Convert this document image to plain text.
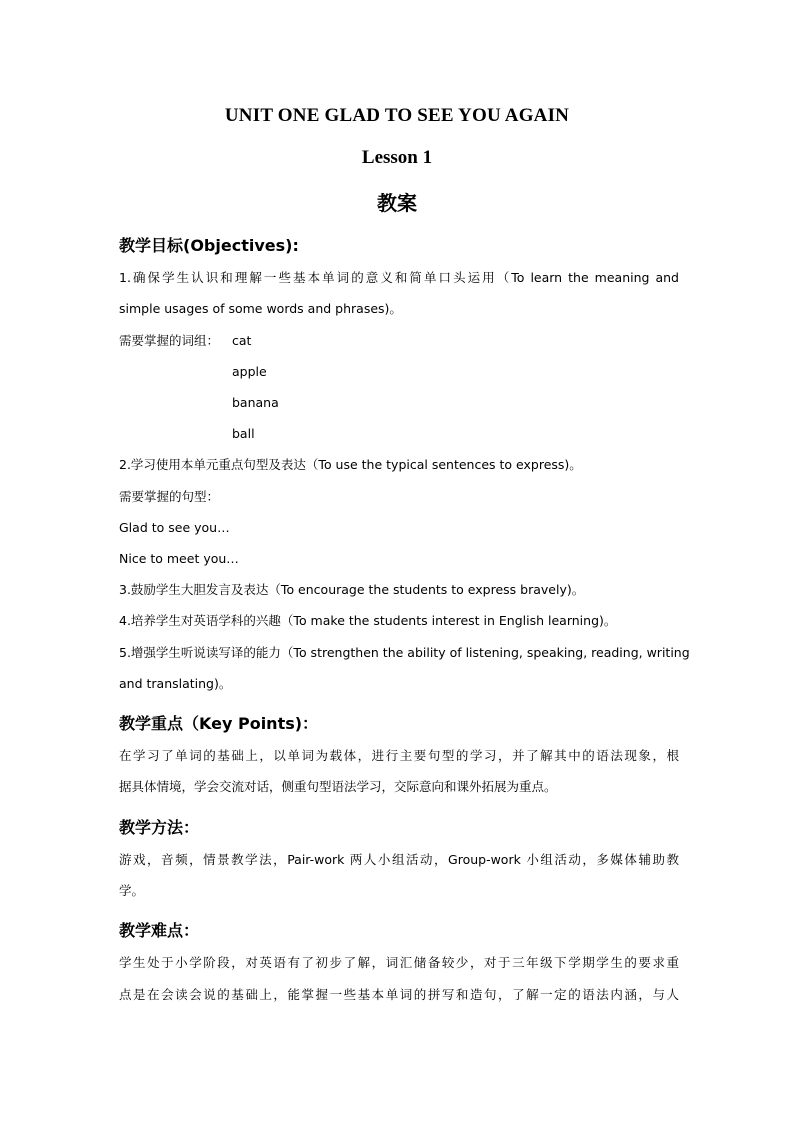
UNIT ONE GLAD TO SEE YOU AGAIN
Lesson 1
教案
教学目标(Objectives):
1.确保学生认识和理解一些基本单词的意义和简单口头运用（To learn the meaning and
simple usages of some words and phrases)。
需要掌握的词组：	cat
apple
banana
ball
2.学习使用本单元重点句型及表达（To use the typical sentences to express)。
需要掌握的句型：
Glad to see you…
Nice to meet you…
3.鼓励学生大胆发言及表达（To encourage the students to express bravely)。
4.培养学生对英语学科的兴趣（To make the students interest in English learning)。
5.增强学生听说读写译的能力（To strengthen the ability of listening, speaking, reading, writing
and translating)。
教学重点（Key Points)：
在学习了单词的基础上，以单词为载体，进行主要句型的学习，并了解其中的语法现象，根
据具体情境，学会交流对话，侧重句型语法学习，交际意向和课外拓展为重点。
教学方法：
游戏，音频，情景教学法，Pair-work 两人小组活动，Group-work 小组活动，多媒体辅助教
学。
教学难点：
学生处于小学阶段，对英语有了初步了解，词汇储备较少，对于三年级下学期学生的要求重
点是在会读会说的基础上，能掌握一些基本单词的拼写和造句，了解一定的语法内涵，与人
